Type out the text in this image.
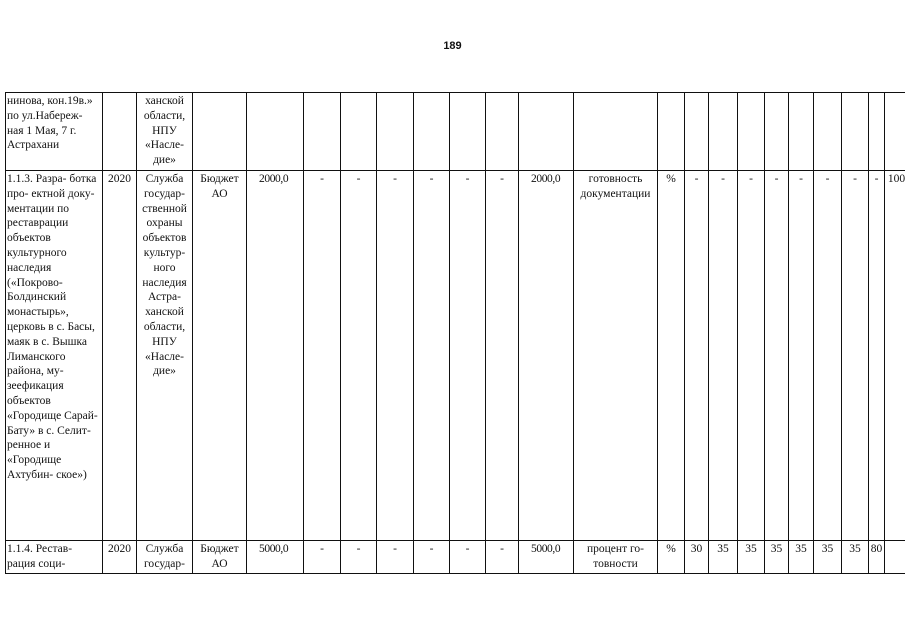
189
нинова, кон.19в.» по ул.Набереж- ная 1 Мая, 7 г. Астрахани		ханской области, НПУ «Насле- дие»																				
1.1.3. Разра- ботка про- ектной доку- ментации по реставрации объектов культурного наследия («Покрово- Болдинский монастырь», церковь в с. Басы, маяк в с. Вышка Лиманского района, му- зеефикация объектов «Городище Сарай-Бату» в с. Селит- ренное и «Городище Ахтубин- ское»)	2020	Служба государ- ственной охраны объектов культур- ного наследия Астра- ханской области, НПУ «Насле- дие»	Бюджет АО	2000,0	-	-	-	-	-	-	2000,0	готовность документации	%	-	-	-	-	-	-	-	-	100
1.1.4. Рестав- рация соци-	2020	Служба государ-	Бюджет АО	5000,0	-	-	-	-	-	-	5000,0	процент го- товности	%	30	35	35	35	35	35	35	80	
